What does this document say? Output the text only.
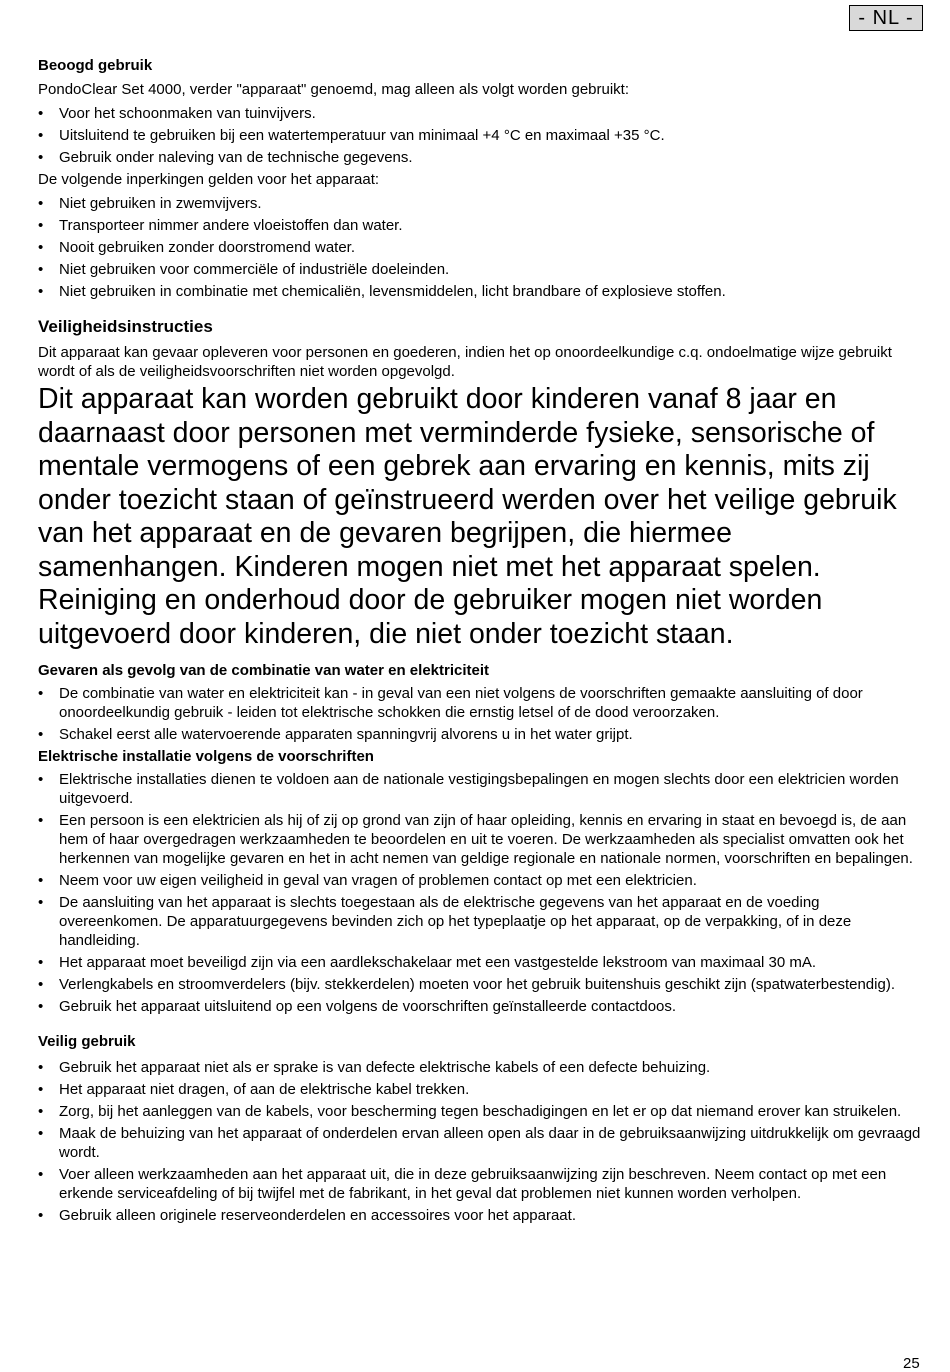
- NL -
Beoogd gebruik

PondoClear Set 4000, verder "apparaat" genoemd, mag alleen als volgt worden gebruikt:

• Voor het schoonmaken van tuinvijvers.
• Uitsluitend te gebruiken bij een watertemperatuur van minimaal +4 °C en maximaal +35 °C.
• Gebruik onder naleving van de technische gegevens.

De volgende inperkingen gelden voor het apparaat:

• Niet gebruiken in zwemvijvers.
• Transporteer nimmer andere vloeistoffen dan water.
• Nooit gebruiken zonder doorstromend water.
• Niet gebruiken voor commerciële of industriële doeleinden.
• Niet gebruiken in combinatie met chemicaliën, levensmiddelen, licht brandbare of explosieve stoffen.
Veiligheidsinstructies

Dit apparaat kan gevaar opleveren voor personen en goederen, indien het op onoordeelkundige c.q. ondoelmatige wijze gebruikt wordt of als de veiligheidsvoorschriften niet worden opgevolgd.

Dit apparaat kan worden gebruikt door kinderen vanaf 8 jaar en daarnaast door personen met verminderde fysieke, sensorische of mentale vermogens of een gebrek aan ervaring en kennis, mits zij onder toezicht staan of geïnstrueerd werden over het veilige gebruik van het apparaat en de gevaren begrijpen, die hiermee samenhangen. Kinderen mogen niet met het apparaat spelen. Reiniging en onderhoud door de gebruiker mogen niet worden uitgevoerd door kinderen, die niet onder toezicht staan.

Gevaren als gevolg van de combinatie van water en elektriciteit
• De combinatie van water en elektriciteit kan - in geval van een niet volgens de voorschriften gemaakte aansluiting of door onoordeelkundig gebruik - leiden tot elektrische schokken die ernstig letsel of de dood veroorzaken.
• Schakel eerst alle watervoerende apparaten spanningvrij alvorens u in het water grijpt.
Elektrische installatie volgens de voorschriften
• Elektrische installaties dienen te voldoen aan de nationale vestigingsbepalingen en mogen slechts door een elektricien worden uitgevoerd.
• Een persoon is een elektricien als hij of zij op grond van zijn of haar opleiding, kennis en ervaring in staat en bevoegd is, de aan hem of haar overgedragen werkzaamheden te beoordelen en uit te voeren. De werkzaamheden als specialist omvatten ook het herkennen van mogelijke gevaren en het in acht nemen van geldige regionale en nationale normen, voorschriften en bepalingen.
• Neem voor uw eigen veiligheid in geval van vragen of problemen contact op met een elektricien.
• De aansluiting van het apparaat is slechts toegestaan als de elektrische gegevens van het apparaat en de voeding overeenkomen. De apparatuurgegevens bevinden zich op het typeplaatje op het apparaat, op de verpakking, of in deze handleiding.
• Het apparaat moet beveiligd zijn via een aardlekschakelaar met een vastgestelde lekstroom van maximaal 30 mA.
• Verlengkabels en stroomverdelers (bijv. stekkerdelen) moeten voor het gebruik buitenshuis geschikt zijn (spatwaterbestendig).
• Gebruik het apparaat uitsluitend op een volgens de voorschriften geïnstalleerde contactdoos.
Veilig gebruik
• Gebruik het apparaat niet als er sprake is van defecte elektrische kabels of een defecte behuizing.
• Het apparaat niet dragen, of aan de elektrische kabel trekken.
• Zorg, bij het aanleggen van de kabels, voor bescherming tegen beschadigingen en let er op dat niemand erover kan struikelen.
• Maak de behuizing van het apparaat of onderdelen ervan alleen open als daar in de gebruiksaanwijzing uitdrukkelijk om gevraagd wordt.
• Voer alleen werkzaamheden aan het apparaat uit, die in deze gebruiksaanwijzing zijn beschreven. Neem contact op met een erkende serviceafdeling of bij twijfel met de fabrikant, in het geval dat problemen niet kunnen worden verholpen.
• Gebruik alleen originele reserveonderdelen en accessoires voor het apparaat.
25
